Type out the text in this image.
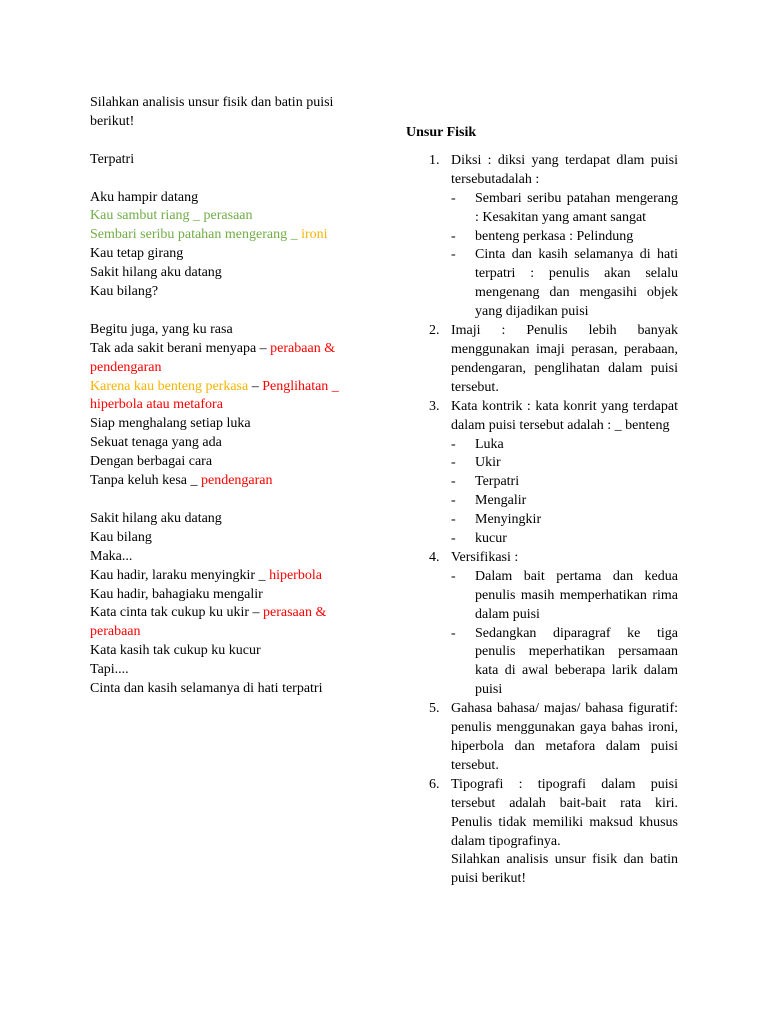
Silahkan analisis unsur fisik dan batin puisi berikut!
Terpatri
Aku hampir datang
Kau sambut riang _ perasaan
Sembari seribu patahan mengerang _ ironi
Kau tetap girang
Sakit hilang aku datang
Kau bilang?
Begitu juga, yang ku rasa
Tak ada sakit berani menyapa – perabaan & pendengaran
Karena kau benteng perkasa – Penglihatan _ hiperbola atau metafora
Siap menghalang setiap luka
Sekuat tenaga yang ada
Dengan berbagai cara
Tanpa keluh kesa _ pendengaran
Sakit hilang aku datang
Kau bilang
Maka...
Kau hadir, laraku menyingkir _ hiperbola
Kau hadir, bahagiaku mengalir
Kata cinta tak cukup ku ukir – perasaan & perabaan
Kata kasih tak cukup ku kucur
Tapi....
Cinta dan kasih selamanya di hati terpatri
Unsur Fisik
1. Diksi : diksi yang terdapat dlam puisi tersebutadalah :
- Sembari seribu patahan mengerang : Kesakitan yang amant sangat
- benteng perkasa : Pelindung
- Cinta dan kasih selamanya di hati terpatri : penulis akan selalu mengenang dan mengasihi objek yang dijadikan puisi
2. Imaji : Penulis lebih banyak menggunakan imaji perasan, perabaan, pendengaran, penglihatan dalam puisi tersebut.
3. Kata kontrik : kata konrit yang terdapat dalam puisi tersebut adalah : _ benteng
- Luka
- Ukir
- Terpatri
- Mengalir
- Menyingkir
- kucur
4. Versifikasi :
- Dalam bait pertama dan kedua penulis masih memperhatikan rima dalam puisi
- Sedangkan diparagraf ke tiga penulis meperhatikan persamaan kata di awal beberapa larik dalam puisi
5. Gahasa bahasa/ majas/ bahasa figuratif: penulis menggunakan gaya bahas ironi, hiperbola dan metafora dalam puisi tersebut.
6. Tipografi : tipografi dalam puisi tersebut adalah bait-bait rata kiri. Penulis tidak memiliki maksud khusus dalam tipografinya.
Silahkan analisis unsur fisik dan batin puisi berikut!
